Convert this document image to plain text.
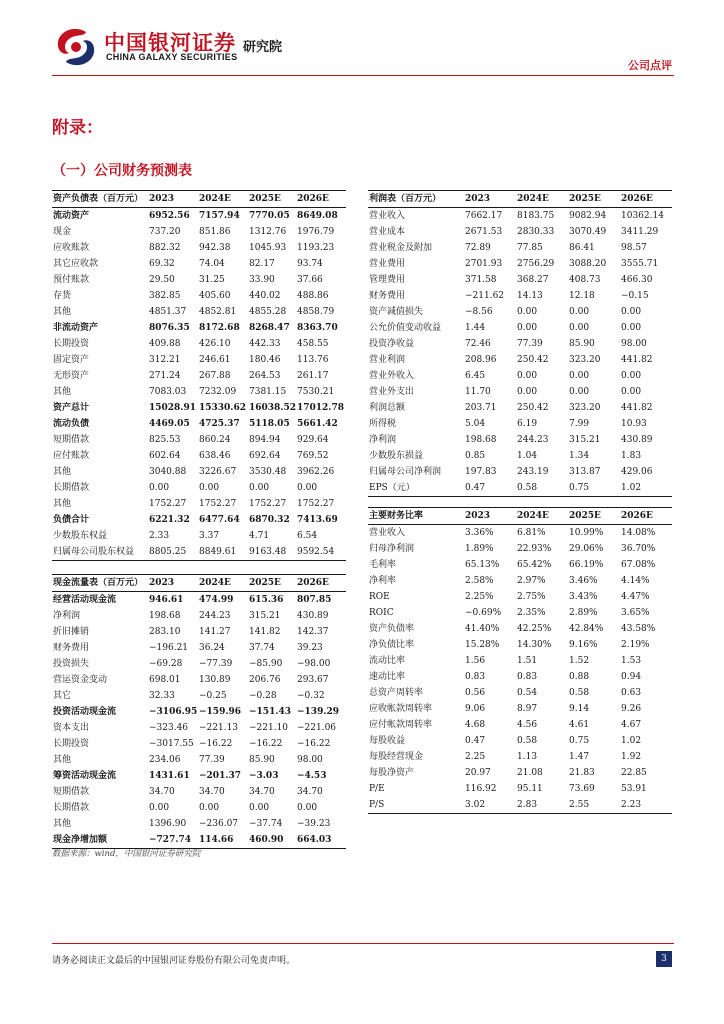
中国银河证券
CHINA GALAXY SECURITIES
研究院
公司点评
附录：
（一）公司财务预测表
资产负债表（百万元）	2023	2024E	2025E	2026E
流动资产	6952.56	7157.94	7770.05	8649.08
现金	737.20	851.86	1312.76	1976.79
应收账款	882.32	942.38	1045.93	1193.23
其它应收款	69.32	74.04	82.17	93.74
预付账款	29.50	31.25	33.90	37.66
存货	382.85	405.60	440.02	488.86
其他	4851.37	4852.81	4855.28	4858.79
非流动资产	8076.35	8172.68	8268.47	8363.70
长期投资	409.88	426.10	442.33	458.55
固定资产	312.21	246.61	180.46	113.76
无形资产	271.24	267.88	264.53	261.17
其他	7083.03	7232.09	7381.15	7530.21
资产总计	15028.91	15330.62	16038.52	17012.78
流动负债	4469.05	4725.37	5118.05	5661.42
短期借款	825.53	860.24	894.94	929.64
应付账款	602.64	638.46	692.64	769.52
其他	3040.88	3226.67	3530.48	3962.26
长期借款	0.00	0.00	0.00	0.00
其他	1752.27	1752.27	1752.27	1752.27
负债合计	6221.32	6477.64	6870.32	7413.69
少数股东权益	2.33	3.37	4.71	6.54
归属母公司股东权益	8805.25	8849.61	9163.48	9592.54
利润表（百万元）	2023	2024E	2025E	2026E
营业收入	7662.17	8183.75	9082.94	10362.14
营业成本	2671.53	2830.33	3070.49	3411.29
营业税金及附加	72.89	77.85	86.41	98.57
营业费用	2701.93	2756.29	3088.20	3555.71
管理费用	371.58	368.27	408.73	466.30
财务费用	−211.62	14.13	12.18	−0.15
资产减值损失	−8.56	0.00	0.00	0.00
公允价值变动收益	1.44	0.00	0.00	0.00
投资净收益	72.46	77.39	85.90	98.00
营业利润	208.96	250.42	323.20	441.82
营业外收入	6.45	0.00	0.00	0.00
营业外支出	11.70	0.00	0.00	0.00
利润总额	203.71	250.42	323.20	441.82
所得税	5.04	6.19	7.99	10.93
净利润	198.68	244.23	315.21	430.89
少数股东损益	0.85	1.04	1.34	1.83
归属母公司净利润	197.83	243.19	313.87	429.06
EPS（元）	0.47	0.58	0.75	1.02
现金流量表（百万元）	2023	2024E	2025E	2026E
经营活动现金流	946.61	474.99	615.36	807.85
净利润	198.68	244.23	315.21	430.89
折旧摊销	283.10	141.27	141.82	142.37
财务费用	−196.21	36.24	37.74	39.23
投资损失	−69.28	−77.39	−85.90	−98.00
营运资金变动	698.01	130.89	206.76	293.67
其它	32.33	−0.25	−0.28	−0.32
投资活动现金流	−3106.95	−159.96	−151.43	−139.29
资本支出	−323.46	−221.13	−221.10	−221.06
长期投资	−3017.55	−16.22	−16.22	−16.22
其他	234.06	77.39	85.90	98.00
筹资活动现金流	1431.61	−201.37	−3.03	−4.53
短期借款	34.70	34.70	34.70	34.70
长期借款	0.00	0.00	0.00	0.00
其他	1396.90	−236.07	−37.74	−39.23
现金净增加额	−727.74	114.66	460.90	664.03
主要财务比率	2023	2024E	2025E	2026E
营业收入	3.36%	6.81%	10.99%	14.08%
归母净利润	1.89%	22.93%	29.06%	36.70%
毛利率	65.13%	65.42%	66.19%	67.08%
净利率	2.58%	2.97%	3.46%	4.14%
ROE	2.25%	2.75%	3.43%	4.47%
ROIC	−0.69%	2.35%	2.89%	3.65%
资产负债率	41.40%	42.25%	42.84%	43.58%
净负债比率	15.28%	14.30%	9.16%	2.19%
流动比率	1.56	1.51	1.52	1.53
速动比率	0.83	0.83	0.88	0.94
总资产周转率	0.56	0.54	0.58	0.63
应收帐款周转率	9.06	8.97	9.14	9.26
应付帐款周转率	4.68	4.56	4.61	4.67
每股收益	0.47	0.58	0.75	1.02
每股经营现金	2.25	1.13	1.47	1.92
每股净资产	20.97	21.08	21.83	22.85
P/E	116.92	95.11	73.69	53.91
P/S	3.02	2.83	2.55	2.23
数据来源：wind，中国银河证券研究院
请务必阅读正文最后的中国银河证券股份有限公司免责声明。	3
